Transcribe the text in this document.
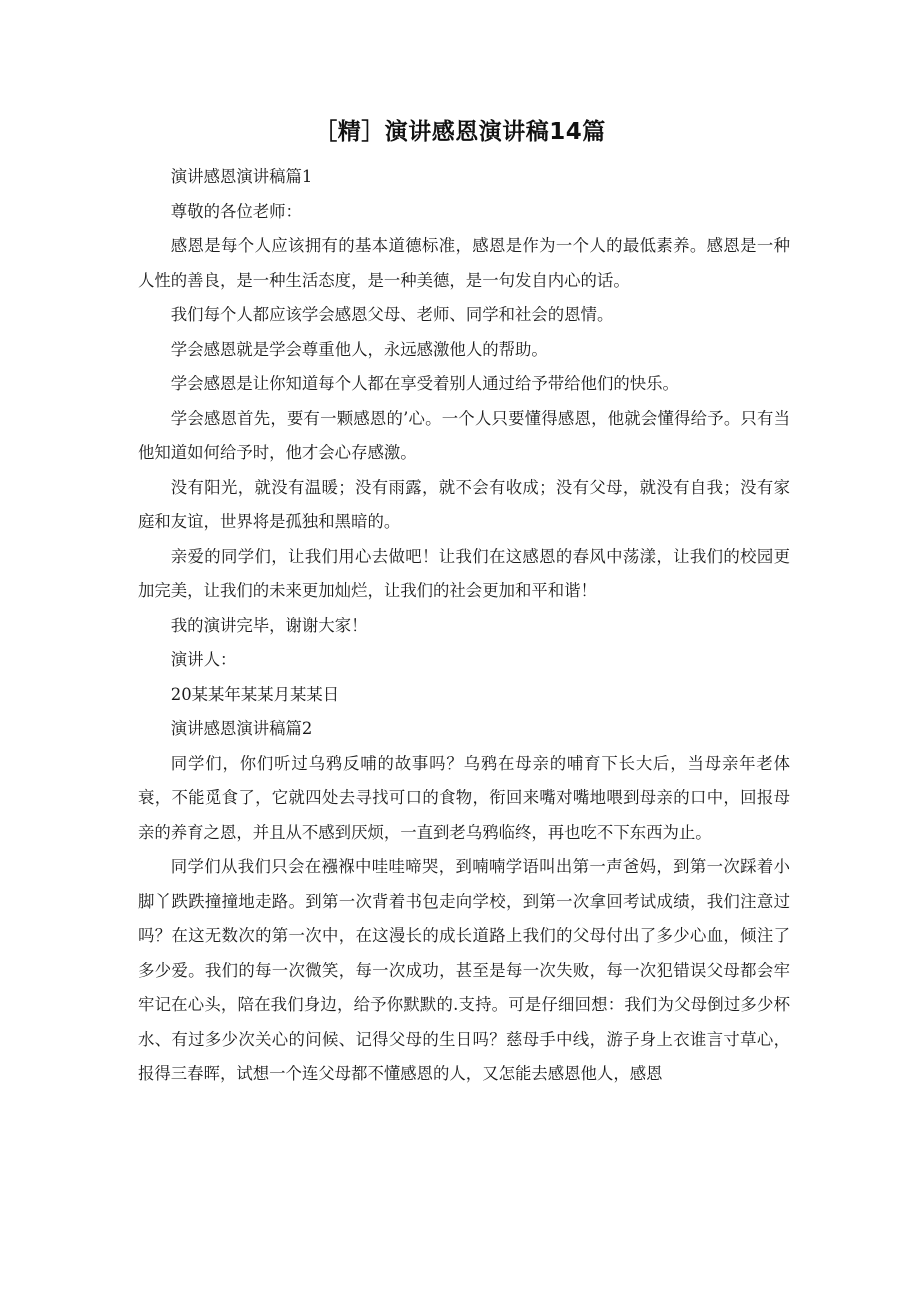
［精］演讲感恩演讲稿14篇

演讲感恩演讲稿篇1

尊敬的各位老师：

感恩是每个人应该拥有的基本道德标准，感恩是作为一个人的最低素养。感恩是一种人性的善良，是一种生活态度，是一种美德，是一句发自内心的话。

我们每个人都应该学会感恩父母、老师、同学和社会的恩情。

学会感恩就是学会尊重他人，永远感激他人的帮助。

学会感恩是让你知道每个人都在享受着别人通过给予带给他们的快乐。

学会感恩首先，要有一颗感恩的’心。一个人只要懂得感恩，他就会懂得给予。只有当他知道如何给予时，他才会心存感激。

没有阳光，就没有温暖；没有雨露，就不会有收成；没有父母，就没有自我；没有家庭和友谊，世界将是孤独和黑暗的。

亲爱的同学们，让我们用心去做吧！让我们在这感恩的春风中荡漾，让我们的校园更加完美，让我们的未来更加灿烂，让我们的社会更加和平和谐！

我的演讲完毕，谢谢大家！

演讲人：

20某某年某某月某某日

演讲感恩演讲稿篇2

同学们，你们听过乌鸦反哺的故事吗？乌鸦在母亲的哺育下长大后，当母亲年老体衰，不能觅食了，它就四处去寻找可口的食物，衔回来嘴对嘴地喂到母亲的口中，回报母亲的养育之恩，并且从不感到厌烦，一直到老乌鸦临终，再也吃不下东西为止。

同学们从我们只会在襁褓中哇哇啼哭，到喃喃学语叫出第一声爸妈，到第一次踩着小脚丫跌跌撞撞地走路。到第一次背着书包走向学校，到第一次拿回考试成绩，我们注意过吗？在这无数次的第一次中，在这漫长的成长道路上我们的父母付出了多少心血，倾注了多少爱。我们的每一次微笑，每一次成功，甚至是每一次失败，每一次犯错误父母都会牢牢记在心头，陪在我们身边，给予你默默的.支持。可是仔细回想：我们为父母倒过多少杯水、有过多少次关心的问候、记得父母的生日吗？慈母手中线，游子身上衣谁言寸草心，报得三春晖，试想一个连父母都不懂感恩的人，又怎能去感恩他人，感恩
